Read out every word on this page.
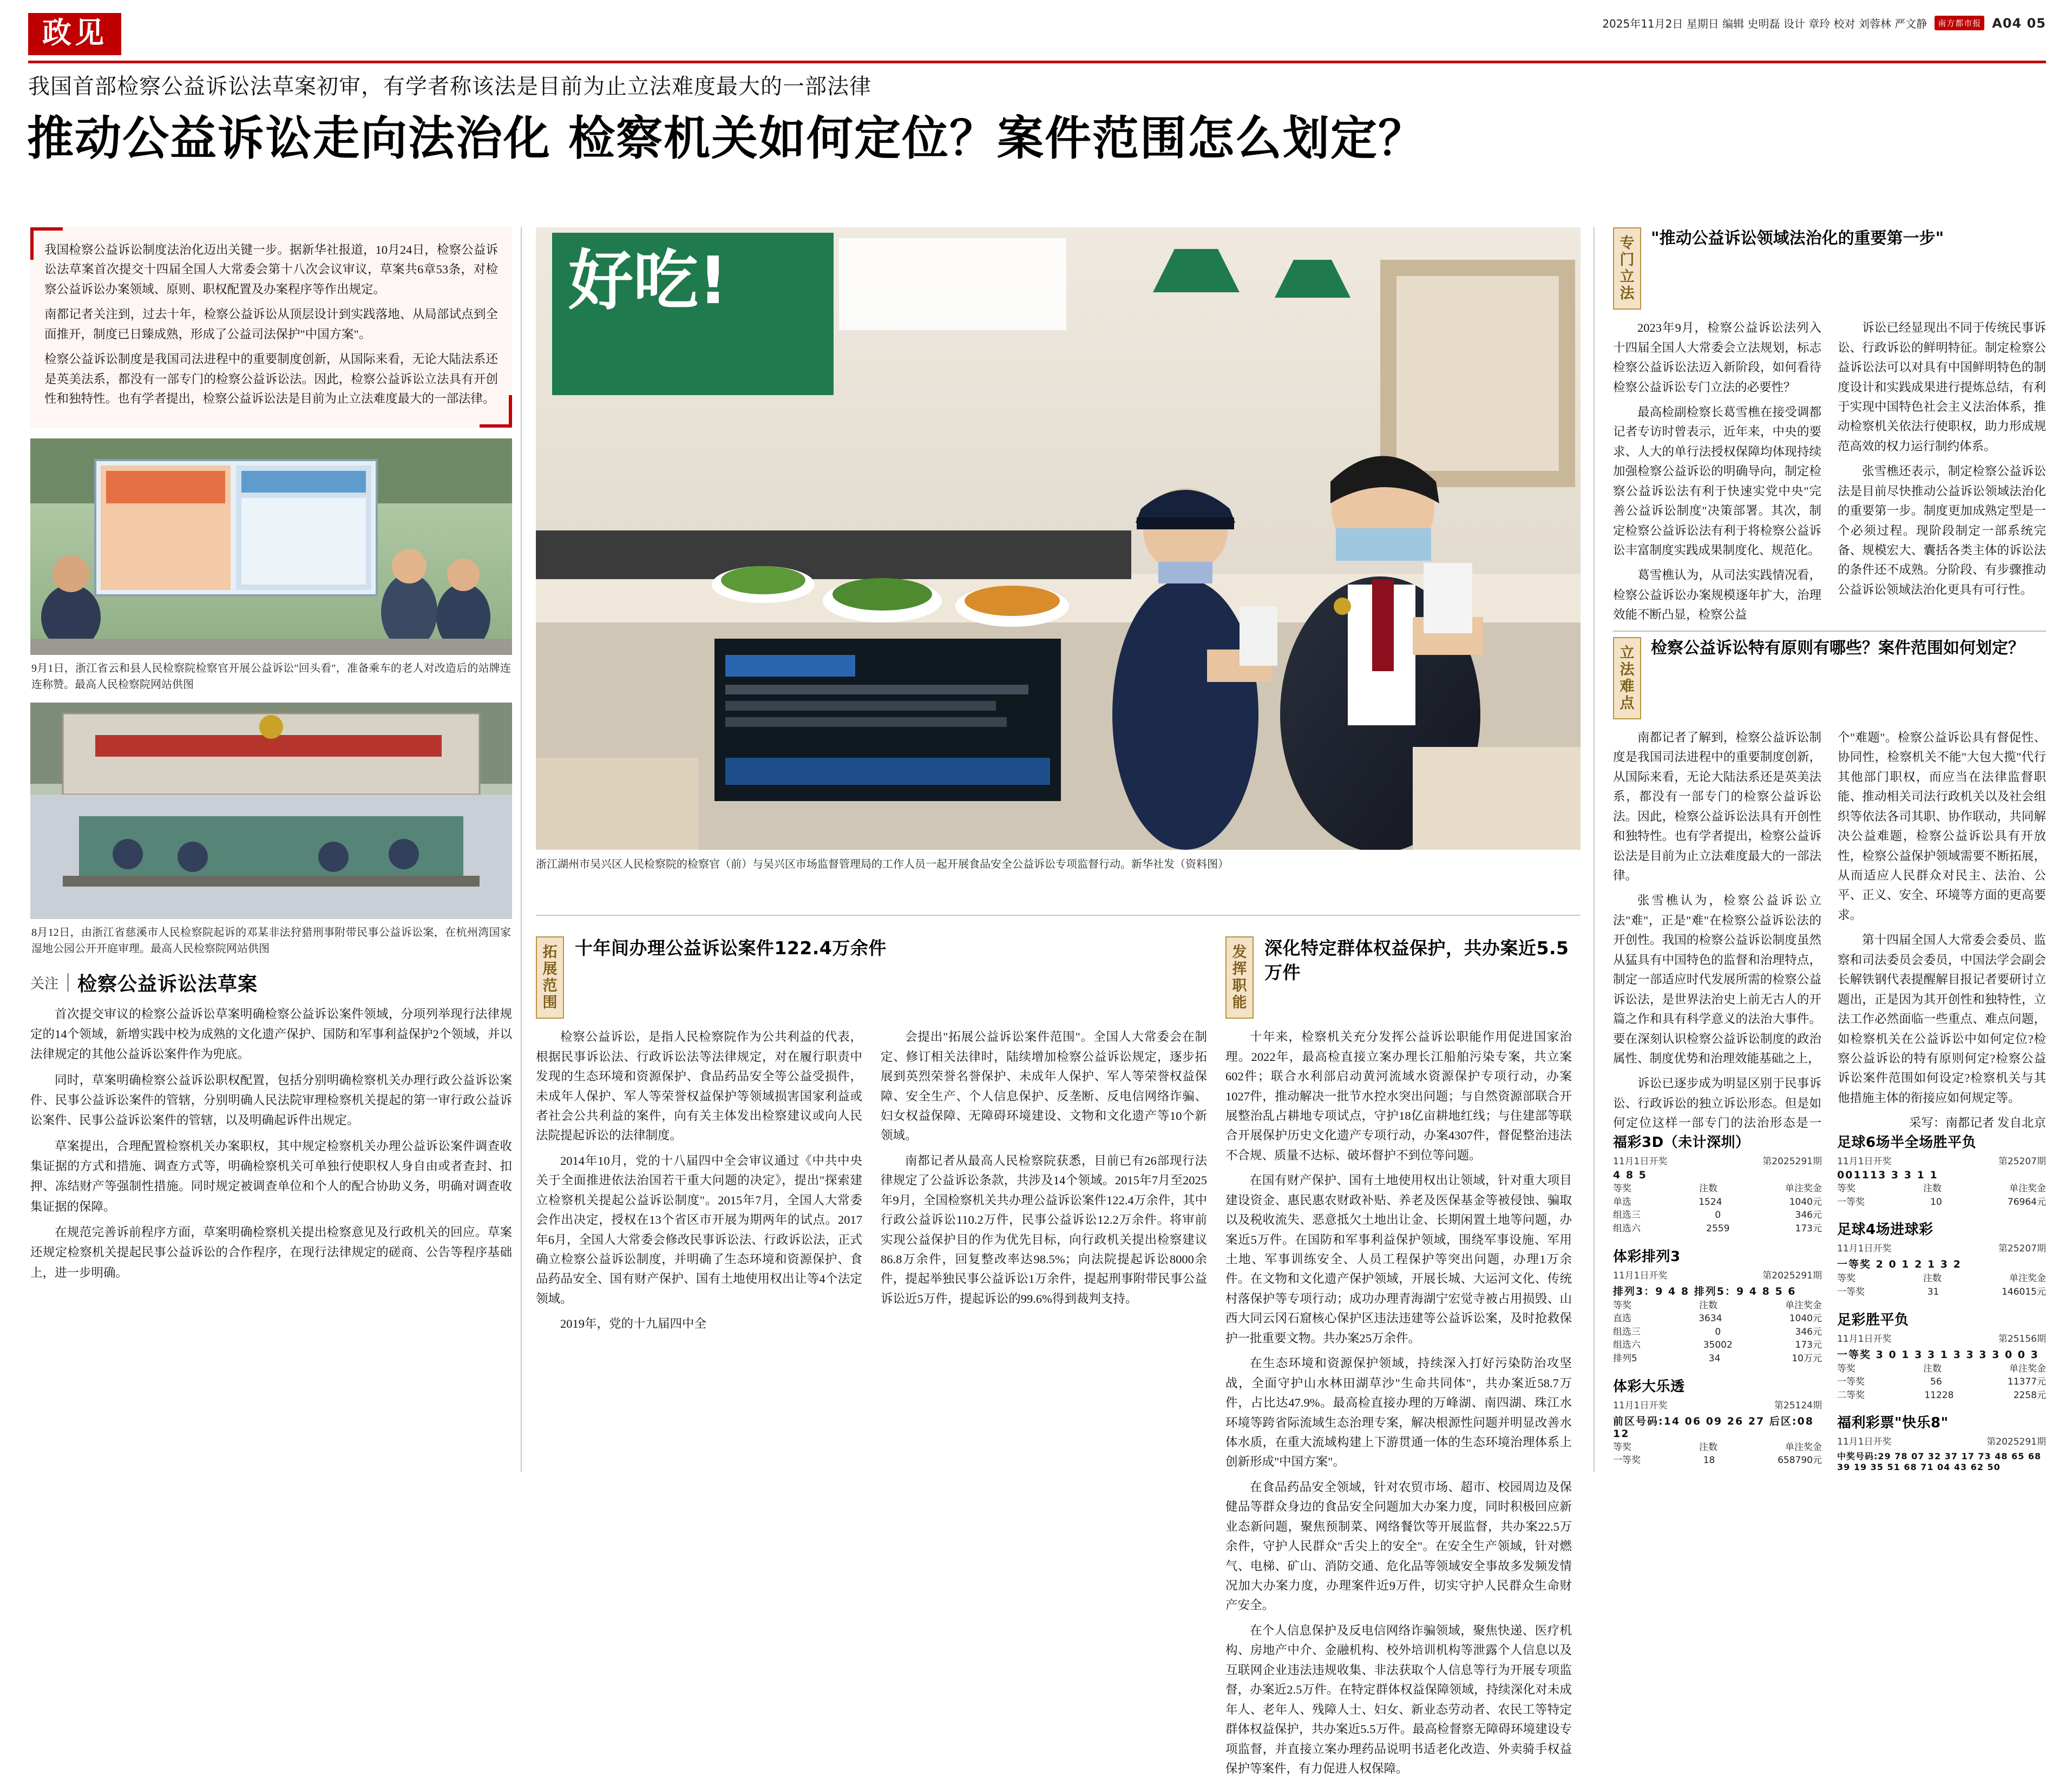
政见	2025年11月2日 星期日 编辑 史明磊 设计 章玲 校对 刘蓉林 严文静	南方都市报 A04 05
我国首部检察公益诉讼法草案初审，有学者称该法是目前为止立法难度最大的一部法律
推动公益诉讼走向法治化 检察机关如何定位？案件范围怎么划定？

我国检察公益诉讼制度法治化迈出关键一步。据新华社报道，10月24日，检察公益诉讼法草案首次提交十四届全国人大常委会第十八次会议审议，草案共6章53条，对检察公益诉讼办案领域、原则、职权配置及办案程序等作出规定。

南都记者关注到，过去十年，检察公益诉讼从顶层设计到实践落地、从局部试点到全面推开，制度已日臻成熟，形成了公益司法保护"中国方案"。

检察公益诉讼制度是我国司法进程中的重要制度创新，从国际来看，无论大陆法系还是英美法系，都没有一部专门的检察公益诉讼法。因此，检察公益诉讼立法具有开创性和独特性。也有学者提出，检察公益诉讼法是目前为止立法难度最大的一部法律。

9月1日，浙江省云和县人民检察院检察官开展公益诉讼"回头看"，准备乘车的老人对改造后的站牌连连称赞。最高人民检察院网站供图
8月12日，由浙江省慈溪市人民检察院起诉的邓某非法狩猎刑事附带民事公益诉讼案，在杭州湾国家湿地公园公开开庭审理。最高人民检察院网站供图
关注 检察公益诉讼法草案

首次提交审议的检察公益诉讼草案明确检察公益诉讼案件领域，分项列举现行法律规定的14个领域，新增实践中校为成熟的文化遗产保护、国防和军事利益保护2个领域，并以法律规定的其他公益诉讼案件作为兜底。

同时，草案明确检察公益诉讼职权配置，包括分别明确检察机关办理行政公益诉讼案件、民事公益诉讼案件的管辖，分别明确人民法院审理检察机关提起的第一审行政公益诉讼案件、民事公益诉讼案件的管辖，以及明确起诉件出规定。

草案提出，合理配置检察机关办案职权，其中规定检察机关办理公益诉讼案件调查收集证据的方式和措施、调查方式等，明确检察机关可单独行使职权人身自由或者查封、扣押、冻结财产等强制性措施。同时规定被调查单位和个人的配合协助义务，明确对调查收集证据的保障。

在规范完善诉前程序方面，草案明确检察机关提出检察意见及行政机关的回应。草案还规定检察机关提起民事公益诉讼的合作程序，在现行法律规定的磋商、公告等程序基础上，进一步明确。

好吃!
浙江湖州市吴兴区人民检察院的检察官（前）与吴兴区市场监督管理局的工作人员一起开展食品安全公益诉讼专项监督行动。新华社发（资料图）
拓展范围
十年间办理公益诉讼案件122.4万余件

检察公益诉讼，是指人民检察院作为公共利益的代表，根据民事诉讼法、行政诉讼法等法律规定，对在履行职责中发现的生态环境和资源保护、食品药品安全等公益受损件，未成年人保护、军人等荣誉权益保护等领域损害国家利益或者社会公共利益的案件，向有关主体发出检察建议或向人民法院提起诉讼的法律制度。

2014年10月，党的十八届四中全会审议通过《中共中央关于全面推进依法治国若干重大问题的决定》，提出"探索建立检察机关提起公益诉讼制度"。2015年7月，全国人大常委会作出决定，授权在13个省区市开展为期两年的试点。2017年6月，全国人大常委会修改民事诉讼法、行政诉讼法，正式确立检察公益诉讼制度，并明确了生态环境和资源保护、食品药品安全、国有财产保护、国有土地使用权出让等4个法定领域。

2019年，党的十九届四中全

会提出"拓展公益诉讼案件范围"。全国人大常委会在制定、修订相关法律时，陆续增加检察公益诉讼规定，逐步拓展到英烈荣誉名誉保护、未成年人保护、军人等荣誉权益保障、安全生产、个人信息保护、反垄断、反电信网络诈骗、妇女权益保障、无障碍环境建设、文物和文化遗产等10个新领域。

南都记者从最高人民检察院获悉，目前已有26部现行法律规定了公益诉讼条款，共涉及14个领域。2015年7月至2025年9月，全国检察机关共办理公益诉讼案件122.4万余件，其中行政公益诉讼110.2万件，民事公益诉讼12.2万余件。将审前实现公益保护目的作为优先目标，向行政机关提出检察建议86.8万余件，回复整改率达98.5%；向法院提起诉讼8000余件，提起举独民事公益诉讼1万余件，提起刑事附带民事公益诉讼近5万件，提起诉讼的99.6%得到裁判支持。

发挥职能
深化特定群体权益保护，共办案近5.5万件

十年来，检察机关充分发挥公益诉讼职能作用促进国家治理。2022年，最高检直接立案办理长江船舶污染专案，共立案602件；联合水利部启动黄河流域水资源保护专项行动，办案1027件，推动解决一批节水控水突出问题；与自然资源部联合开展整治乱占耕地专项试点，守护18亿亩耕地红线；与住建部等联合开展保护历史文化遗产专项行动，办案4307件，督促整治违法不合规、质量不达标、破坏督护不到位等问题。

在国有财产保护、国有土地使用权出让领域，针对重大项目建设资金、惠民惠农财政补贴、养老及医保基金等被侵蚀、骗取以及税收流失、恶意抵欠土地出让金、长期闲置土地等问题，办案近5万件。在国防和军事利益保护领域，围绕军事设施、军用土地、军事训练安全、人员工程保护等突出问题，办理1万余件。在文物和文化遗产保护领域，开展长城、大运河文化、传统村落保护等专项行动；成功办理青海湖宁宏觉寺被占用损毁、山西大同云冈石窟核心保护区违法违建等公益诉讼案，及时抢救保护一批重要文物。共办案25万余件。

在生态环境和资源保护领域，持续深入打好污染防治攻坚战，全面守护山水林田湖草沙"生命共同体"，共办案近58.7万件，占比达47.9%。最高检直接办理的万峰湖、南四湖、珠江水环境等跨省际流域生态治理专案，解决根源性问题并明显改善水体水质，在重大流域构建上下游贯通一体的生态环境治理体系上创新形成"中国方案"。

在食品药品安全领域，针对农贸市场、超市、校园周边及保健品等群众身边的食品安全问题加大办案力度，同时积极回应新业态新问题，聚焦预制菜、网络餐饮等开展监督，共办案22.5万余件，守护人民群众"舌尖上的安全"。在安全生产领域，针对燃气、电梯、矿山、消防交通、危化品等领域安全事故多发频发情况加大办案力度，办理案件近9万件，切实守护人民群众生命财产安全。

在个人信息保护及反电信网络诈骗领域，聚焦快递、医疗机构、房地产中介、金融机构、校外培训机构等泄露个人信息以及互联网企业违法违规收集、非法获取个人信息等行为开展专项监督，办案近2.5万件。在特定群体权益保障领域，持续深化对未成年人、老年人、残障人士、妇女、新业态劳动者、农民工等特定群体权益保护，共办案近5.5万件。最高检督察无障碍环境建设专项监督，并直接立案办理药品说明书适老化改造、外卖骑手权益保护等案件，有力促进人权保障。

专门立法
"推动公益诉讼领域法治化的重要第一步"

2023年9月，检察公益诉讼法列入十四届全国人大常委会立法规划，标志检察公益诉讼法迈入新阶段，如何看待检察公益诉讼专门立法的必要性？

最高检副检察长葛雪樵在接受调都记者专访时曾表示，近年来，中央的要求、人大的单行法授权保障均体现持续加强检察公益诉讼的明确导向，制定检察公益诉讼法有利于快速实党中央"完善公益诉讼制度"决策部署。其次，制定检察公益诉讼法有利于将检察公益诉讼丰富制度实践成果制度化、规范化。

葛雪樵认为，从司法实践情况看，检察公益诉讼办案规模逐年扩大，治理效能不断凸显，检察公益

诉讼已经显现出不同于传统民事诉讼、行政诉讼的鲜明特征。制定检察公益诉讼法可以对具有中国鲜明特色的制度设计和实践成果进行提炼总结，有利于实现中国特色社会主义法治体系，推动检察机关依法行使职权，助力形成规范高效的权力运行制约体系。

张雪樵还表示，制定检察公益诉讼法是目前尽快推动公益诉讼领域法治化的重要第一步。制度更加成熟定型是一个必须过程。现阶段制定一部系统完备、规模宏大、囊括各类主体的诉讼法的条件还不成熟。分阶段、有步骤推动公益诉讼领域法治化更具有可行性。

立法难点
检察公益诉讼特有原则有哪些？案件范围如何划定？

南都记者了解到，检察公益诉讼制度是我国司法进程中的重要制度创新，从国际来看，无论大陆法系还是英美法系，都没有一部专门的检察公益诉讼法。因此，检察公益诉讼法具有开创性和独特性。也有学者提出，检察公益诉讼法是目前为止立法难度最大的一部法律。

张雪樵认为，检察公益诉讼立法"难"，正是"难"在检察公益诉讼法的开创性。我国的检察公益诉讼制度虽然从猛具有中国特色的监督和治理特点，制定一部适应时代发展所需的检察公益诉讼法，是世界法治史上前无古人的开篇之作和具有科学意义的法治大事件。要在深刻认识检察公益诉讼制度的政治属性、制度优势和治理效能基础之上，

诉讼已逐步成为明显区别于民事诉讼、行政诉讼的独立诉讼形态。但是如何定位这样一部专门的法治形态是一个"难题"。检察公益诉讼具有督促性、协同性，检察机关不能"大包大揽"代行其他部门职权，而应当在法律监督职能、推动相关司法行政机关以及社会组织等依法各司其职、协作联动，共同解决公益难题，检察公益诉讼具有开放性，检察公益保护领域需要不断拓展，从而适应人民群众对民主、法治、公平、正义、安全、环境等方面的更高要求。

第十四届全国人大常委会委员、监察和司法委员会委员，中国法学会副会长解铁钢代表提醒解目报记者要研讨立题出，正是因为其开创性和独特性，立法工作必然面临一些重点、难点问题，如检察机关在公益诉讼中如何定位?检察公益诉讼的特有原则何定?检察公益诉讼案件范围如何设定?检察机关与其他措施主体的衔接应如何规定等。

采写：南都记者 发自北京

福彩3D（未计深圳）
11月1日开奖	第2025291期
4 8 5
等奖	注数	单注奖金
单选	1524	1040元
组选三	0	346元
组选六	2559	173元
体彩排列3
11月1日开奖	第2025291期
排列3：9 4 8 排列5：9 4 8 5 6
等奖	注数	单注奖金
直选	3634	1040元
组选三	0	346元
组选六	35002	173元
排列5	34	10万元
体彩大乐透
11月1日开奖	第25124期
前区号码:14 06 09 26 27 后区:08 12
等奖	注数	单注奖金
一等奖	18	658790元
足球6场半全场胜平负
11月1日开奖	第25207期
001113 3 3 1 1
等奖	注数	单注奖金
一等奖	10	76964元
足球4场进球彩
11月1日开奖	第25207期
一等奖 2 0 1 2 1 3 2
等奖	注数	单注奖金
一等奖	31	146015元
足彩胜平负
11月1日开奖	第25156期
一等奖 3 0 1 3 3 1 3 3 3 3 0 0 3
等奖	注数	单注奖金
一等奖	56	11377元
二等奖	11228	2258元
福利彩票"快乐8"
11月1日开奖	第2025291期
中奖号码:29 78 07 32 37 17 73 48 65 68 39 19 35 51 68 71 04 43 62 50
